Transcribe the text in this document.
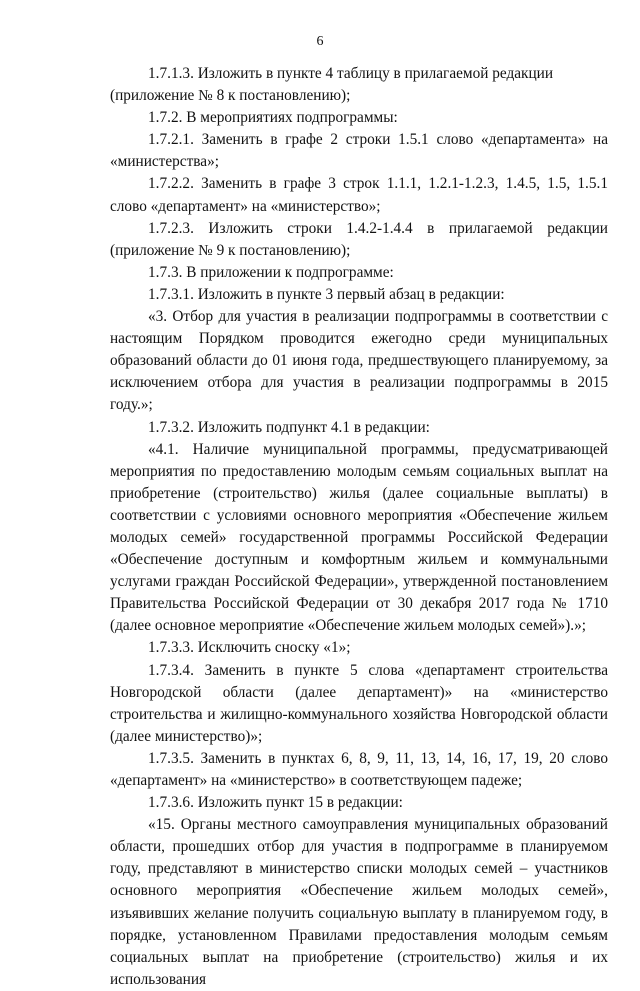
6

1.7.1.3. Изложить в пункте 4 таблицу в прилагаемой редакции (приложение № 8 к постановлению);

1.7.2. В мероприятиях подпрограммы:

1.7.2.1. Заменить в графе 2 строки 1.5.1 слово «департамента» на «министерства»;

1.7.2.2. Заменить в графе 3 строк 1.1.1, 1.2.1-1.2.3, 1.4.5, 1.5, 1.5.1 слово «департамент» на «министерство»;

1.7.2.3. Изложить строки 1.4.2-1.4.4 в прилагаемой редакции (приложение № 9 к постановлению);

1.7.3. В приложении к подпрограмме:

1.7.3.1. Изложить в пункте 3 первый абзац в редакции:

«3. Отбор для участия в реализации подпрограммы в соответствии с настоящим Порядком проводится ежегодно среди муниципальных образований области до 01 июня года, предшествующего планируемому, за исключением отбора для участия в реализации подпрограммы в 2015 году.»;

1.7.3.2. Изложить подпункт 4.1 в редакции:

«4.1. Наличие муниципальной программы, предусматривающей мероприятия по предоставлению молодым семьям социальных выплат на приобретение (строительство) жилья (далее социальные выплаты) в соответствии с условиями основного мероприятия «Обеспечение жильем молодых семей» государственной программы Российской Федерации «Обеспечение доступным и комфортным жильем и коммунальными услугами граждан Российской Федерации», утвержденной постановлением Правительства Российской Федерации от 30 декабря 2017 года № 1710 (далее основное мероприятие «Обеспечение жильем молодых семей»).»;

1.7.3.3. Исключить сноску «1»;

1.7.3.4. Заменить в пункте 5 слова «департамент строительства Новгородской области (далее департамент)» на «министерство строительства и жилищно-коммунального хозяйства Новгородской области (далее министерство)»;

1.7.3.5. Заменить в пунктах 6, 8, 9, 11, 13, 14, 16, 17, 19, 20 слово «департамент» на «министерство» в соответствующем падеже;

1.7.3.6. Изложить пункт 15 в редакции:

«15. Органы местного самоуправления муниципальных образований области, прошедших отбор для участия в подпрограмме в планируемом году, представляют в министерство списки молодых семей – участников основного мероприятия «Обеспечение жильем молодых семей», изъявивших желание получить социальную выплату в планируемом году, в порядке, установленном Правилами предоставления молодым семьям социальных выплат на приобретение (строительство) жилья и их использования
